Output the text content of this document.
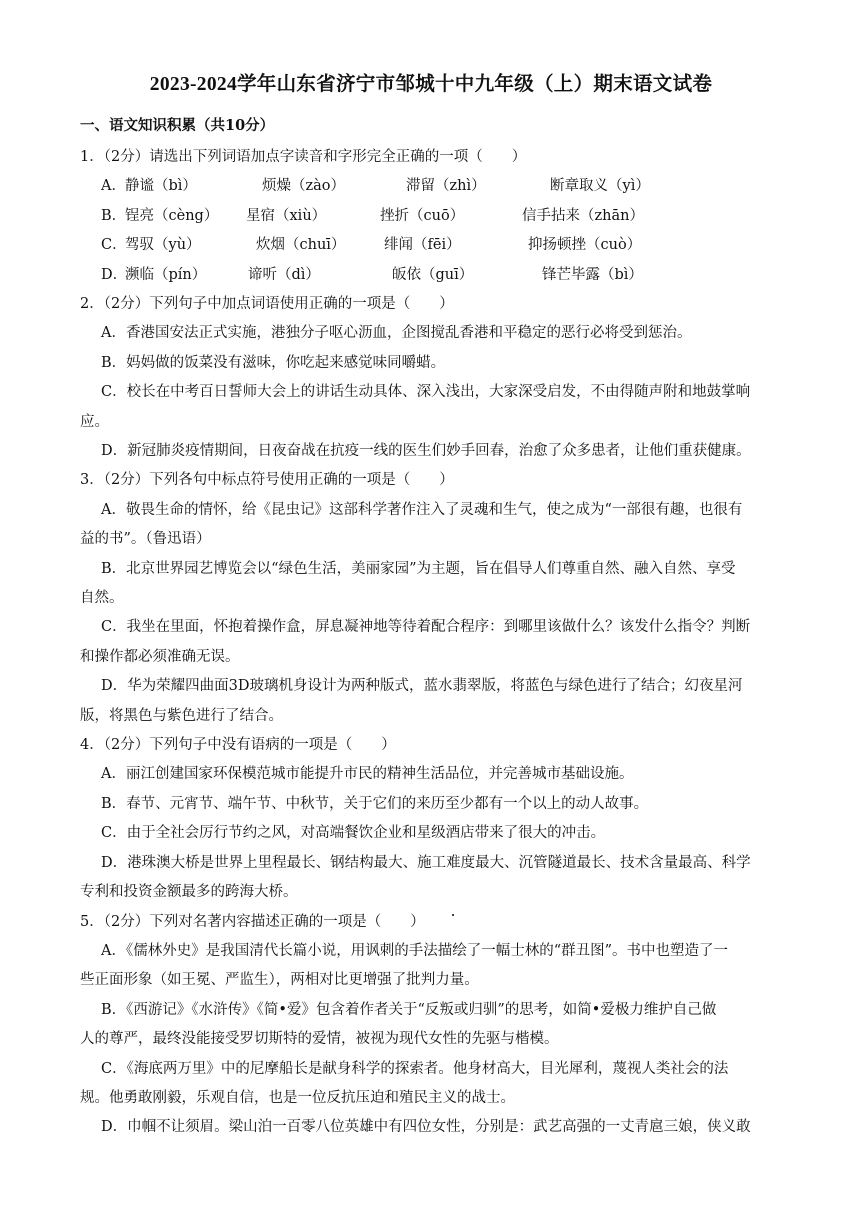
2023-2024学年山东省济宁市邹城十中九年级（上）期末语文试卷
一、语文知识积累（共10分）

1．（2分）请选出下列词语加点字读音和字形完全正确的一项（　　）

A． 静谧（bì）	烦燥（zào）	滞留（zhì）	断章取义（yì）
B．
锃亮（cèng） 星宿（xiù）	挫折（cuō）	信手拈来（zhān）
C．
驾驭（yù）	炊烟（chuī）	绯闻（fēi）	抑扬顿挫（cuò）
D．
濒临（pín）	谛听（dì）	皈依（guī）	锋芒毕露（bì）

2．（2分）下列句子中加点词语使用正确的一项是（　　）

A．香港国安法正式实施，港独分子呕心沥血，企图搅乱香港和平稳定的恶行必将受到惩治。

B．妈妈做的饭菜没有滋味，你吃起来感觉味同嚼蜡。

C．校长在中考百日誓师大会上的讲话生动具体、深入浅出，大家深受启发，不由得随声附和地鼓掌响

应。

D．新冠肺炎疫情期间，日夜奋战在抗疫一线的医生们妙手回春，治愈了众多患者，让他们重获健康。

3．（2分）下列各句中标点符号使用正确的一项是（　　）

A．敬畏生命的情怀，给《昆虫记》这部科学著作注入了灵魂和生气，使之成为“一部很有趣，也很有

益的书”。（鲁迅语）

B．北京世界园艺博览会以“绿色生活，美丽家园”为主题，旨在倡导人们尊重自然、融入自然、享受

自然。

C．我坐在里面，怀抱着操作盒，屏息凝神地等待着配合程序：到哪里该做什么？该发什么指令？判断

和操作都必须准确无误。

D．华为荣耀四曲面3D玻璃机身设计为两种版式，蓝水翡翠版，将蓝色与绿色进行了结合；幻夜星河

版，将黑色与紫色进行了结合。

4．（2分）下列句子中没有语病的一项是（　　）

A．丽江创建国家环保模范城市能提升市民的精神生活品位，并完善城市基础设施。

B．春节、元宵节、端午节、中秋节，关于它们的来历至少都有一个以上的动人故事。

C．由于全社会厉行节约之风，对高端餐饮企业和星级酒店带来了很大的冲击。

D．港珠澳大桥是世界上里程最长、钢结构最大、施工难度最大、沉管隧道最长、技术含量最高、科学

专利和投资金额最多的跨海大桥。

5．（2分）下列对名著内容描述正确的一项是（　　）

A．《儒林外史》是我国清代长篇小说，用讽刺的手法描绘了一幅士林的“群丑图”。书中也塑造了一

些正面形象（如王冕、严监生），两相对比更增强了批判力量。

B．《西游记》《水浒传》《简•爱》包含着作者关于“反叛或归驯”的思考，如简•爱极力维护自己做

人的尊严，最终没能接受罗切斯特的爱情，被视为现代女性的先驱与楷模。

C．《海底两万里》中的尼摩船长是献身科学的探索者。他身材高大，目光犀利，蔑视人类社会的法

规。他勇敢刚毅，乐观自信，也是一位反抗压迫和殖民主义的战士。

D．巾帼不让须眉。梁山泊一百零八位英雄中有四位女性，分别是：武艺高强的一丈青扈三娘，侠义敢
